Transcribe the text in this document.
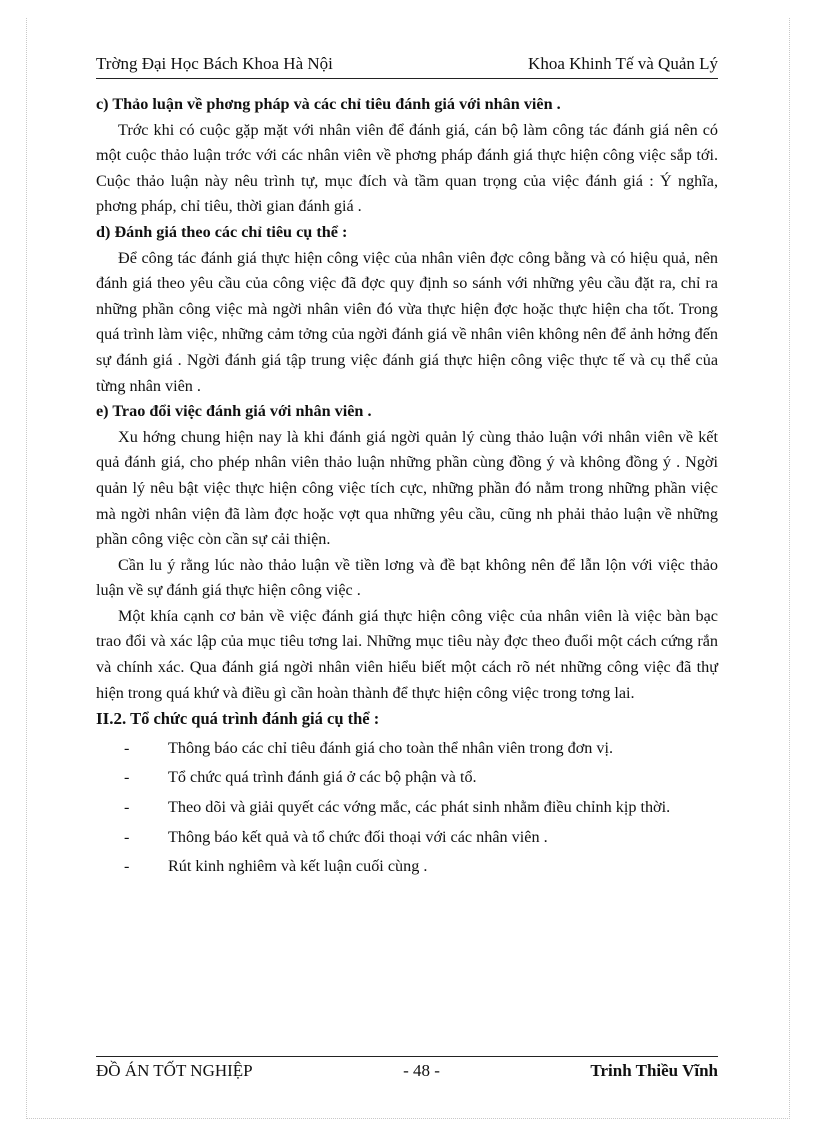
Trờng Đại Học Bách Khoa Hà Nội	Khoa Khinh Tế và Quản Lý

c) Thảo luận về phơng pháp và các chỉ tiêu đánh giá với nhân viên .

Trớc khi có cuộc gặp mặt với nhân viên để đánh giá, cán bộ làm công tác đánh giá nên có một cuộc thảo luận trớc với các nhân viên về phơng pháp đánh giá thực hiện công việc sắp tới. Cuộc thảo luận này nêu trình tự, mục đích và tầm quan trọng của việc đánh giá : Ý nghĩa, phơng pháp, chỉ tiêu, thời gian đánh giá .

d) Đánh giá theo các chỉ tiêu cụ thể :

Để công tác đánh giá thực hiện công việc của nhân viên đợc công bằng và có hiệu quả, nên đánh giá theo yêu cầu của công việc đã đợc quy định so sánh với những yêu cầu đặt ra, chỉ ra những phần công việc mà ngời nhân viên đó vừa thực hiện đợc hoặc thực hiện cha tốt. Trong quá trình làm việc, những cảm tởng của ngời đánh giá về nhân viên không nên để ảnh hởng đến sự đánh giá . Ngời đánh giá tập trung việc đánh giá thực hiện công việc thực tế và cụ thể của từng nhân viên .

e) Trao đổi việc đánh giá với nhân viên .

Xu hớng chung hiện nay là khi đánh giá ngời quản lý cùng thảo luận với nhân viên về kết quả đánh giá, cho phép nhân viên thảo luận những phần cùng đồng ý và không đồng ý . Ngời quản lý nêu bật việc thực hiện công việc tích cực, những phần đó nằm trong những phần việc mà ngời nhân viện đã làm đợc hoặc vợt qua những yêu cầu, cũng nh phải thảo luận về những phần công việc còn cần sự cải thiện.

Cần lu ý rằng lúc nào thảo luận về tiền lơng và đề bạt không nên để lẫn lộn với việc thảo luận về sự đánh giá thực hiện công việc .

Một khía cạnh cơ bản về việc đánh giá thực hiện công việc của nhân viên là việc bàn bạc trao đổi và xác lập của mục tiêu tơng lai. Những mục tiêu này đợc theo đuổi một cách cứng rắn và chính xác. Qua đánh giá ngời nhân viên hiểu biết một cách rõ nét những công việc đã thự hiện trong quá khứ và điều gì cần hoàn thành để thực hiện công việc trong tơng lai.

II.2. Tổ chức quá trình đánh giá cụ thể :

-	Thông báo các chỉ tiêu đánh giá cho toàn thể nhân viên trong đơn vị.
-	Tổ chức quá trình đánh giá ở các bộ phận và tổ.
- Theo dõi và giải quyết các vớng mắc, các phát sinh nhằm điều chỉnh kịp thời.
-	Thông báo kết quả và tổ chức đối thoại với các nhân viên .
-	Rút kinh nghiêm và kết luận cuối cùng .
ĐỒ ÁN TỐT NGHIỆP	- 48 -	Trinh Thiều Vĩnh
